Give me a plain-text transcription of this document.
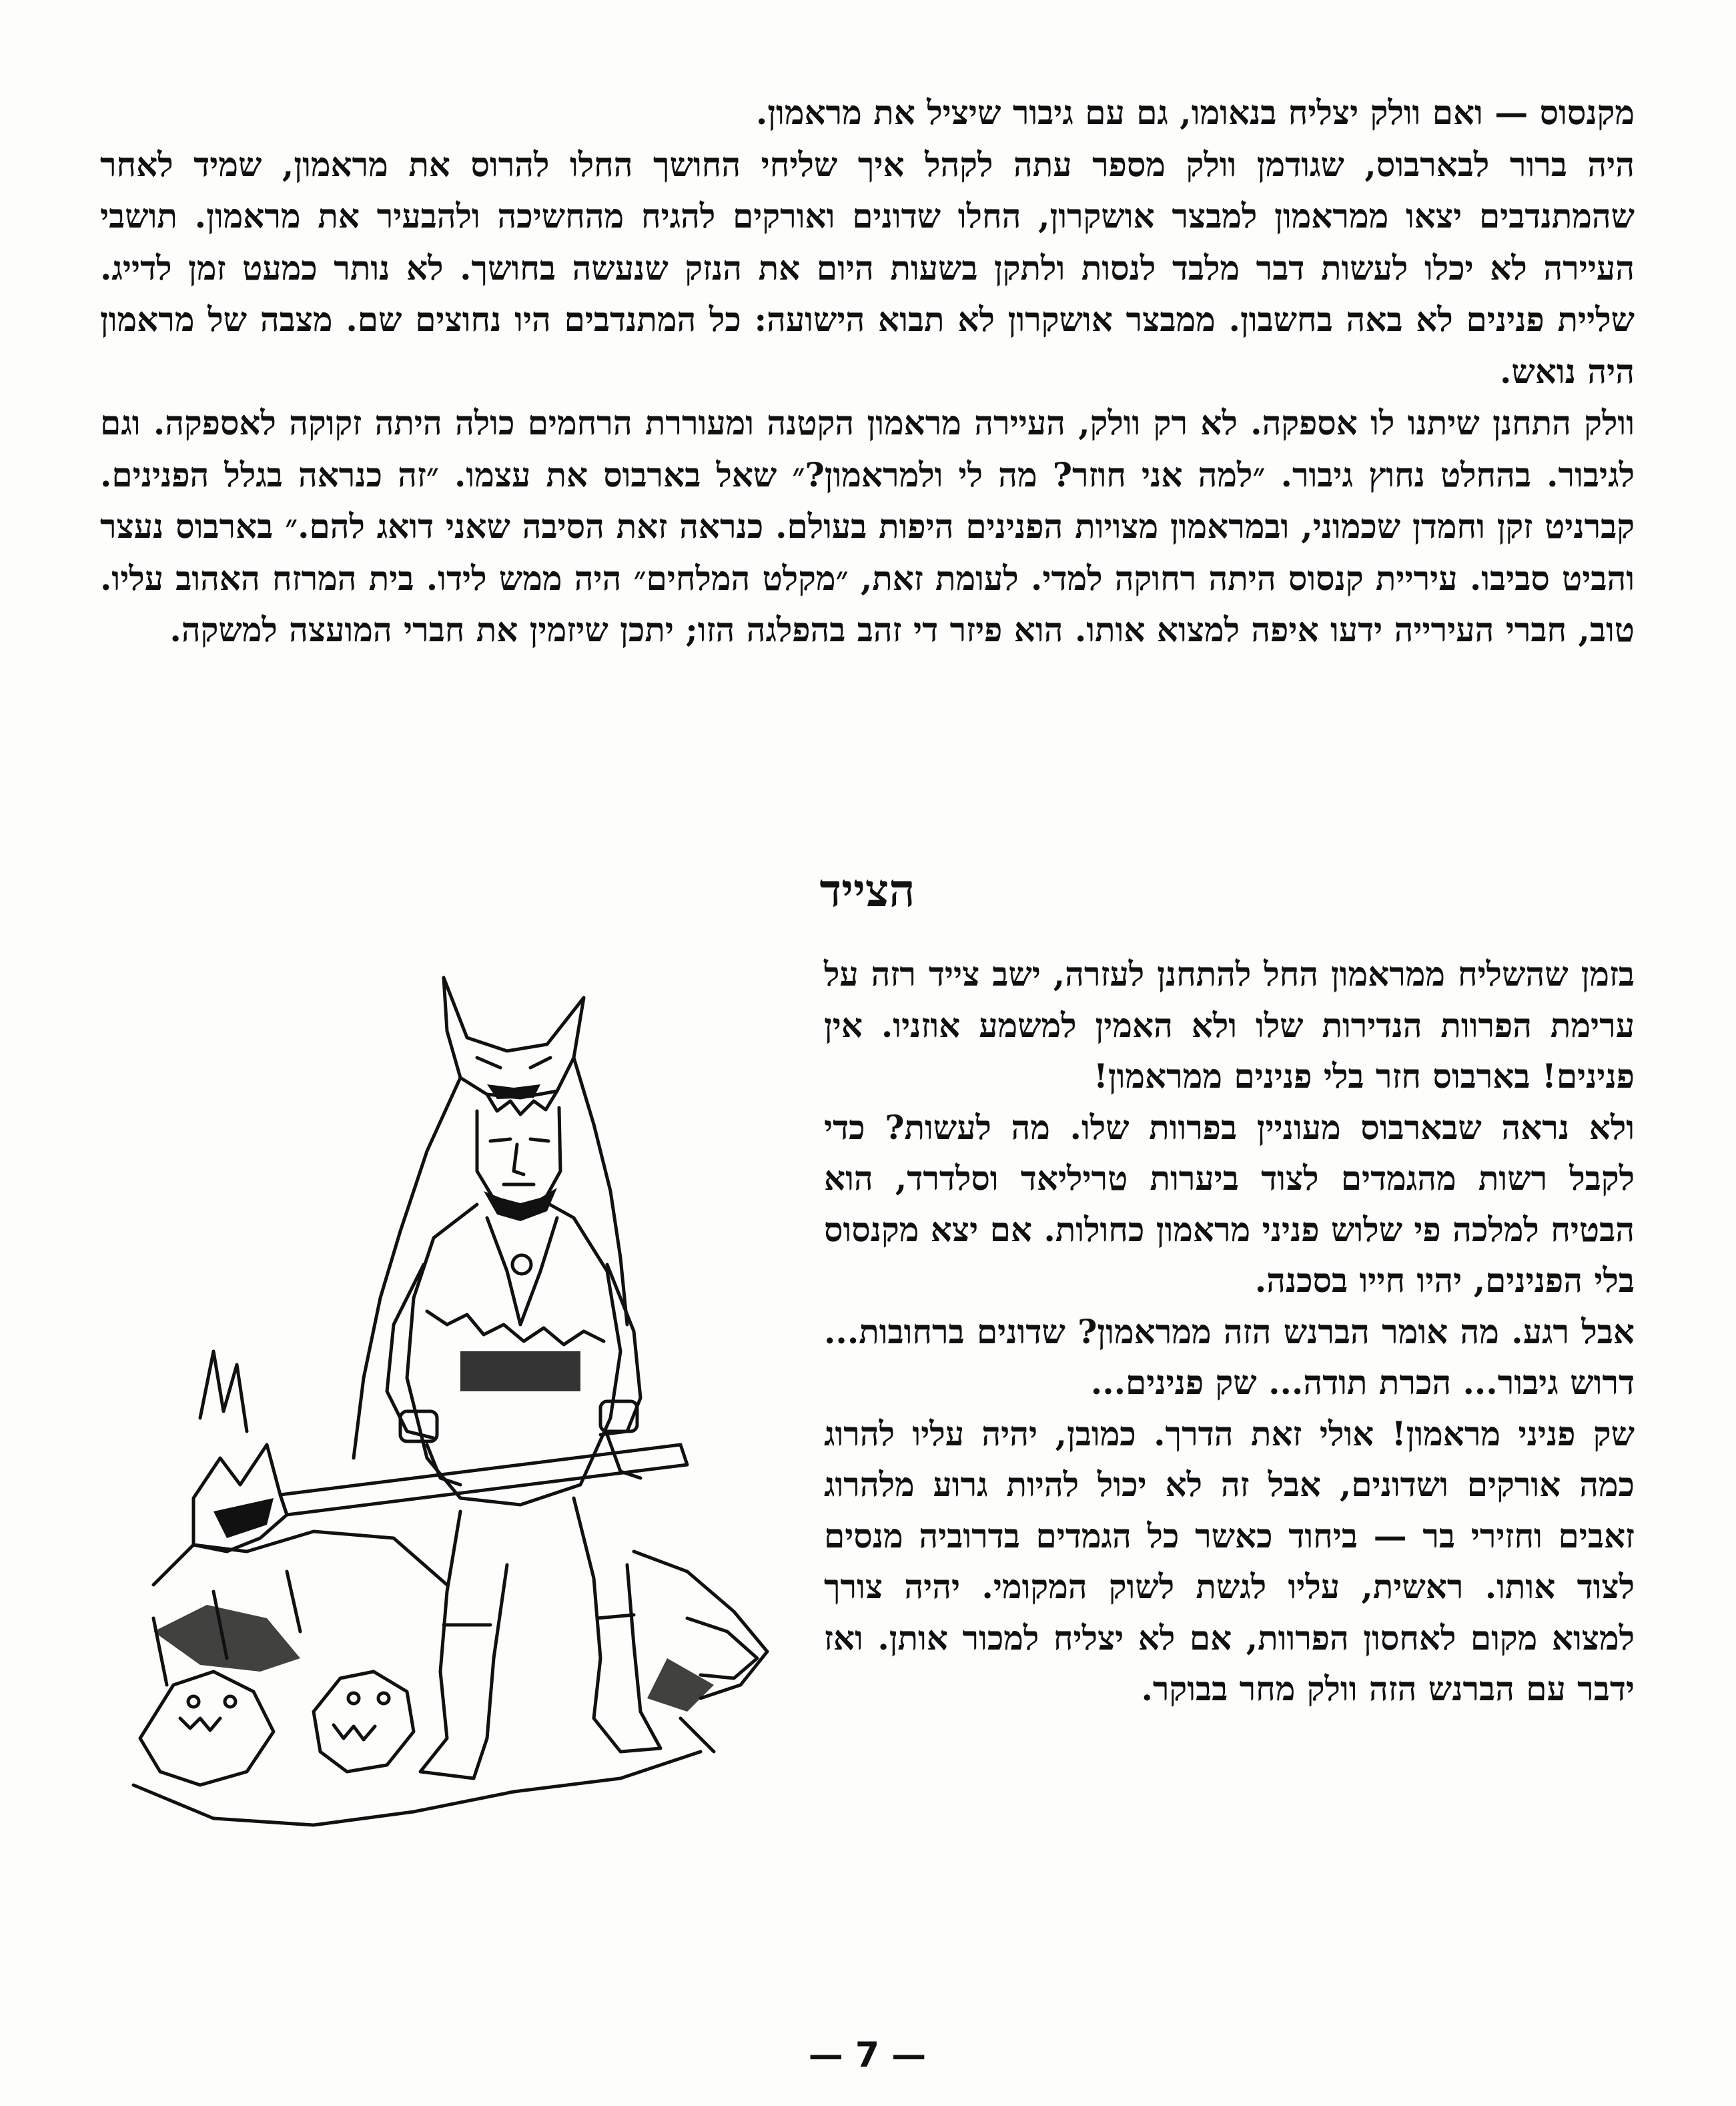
מקנסוס — ואם וולק יצליח בנאומו, גם עם גיבור שיציל את מראמון.

היה ברור לבארבוס, שגודמן וולק מספר עתה לקהל איך שליחי החושך החלו להרוס את מראמון, שמיד לאחר שהמתנדבים יצאו ממראמון למבצר אושקרון, החלו שדונים ואורקים להגיח מהחשיכה ולהבעיר את מראמון. תושבי העיירה לא יכלו לעשות דבר מלבד לנסות ולתקן בשעות היום את הנזק שנעשה בחושך. לא נותר כמעט זמן לדייג. שליית פנינים לא באה בחשבון. ממבצר אושקרון לא תבוא הישועה: כל המתנדבים היו נחוצים שם. מצבה של מראמון היה נואש.

וולק התחנן שיתנו לו אספקה. לא רק וולק, העיירה מראמון הקטנה ומעוררת הרחמים כולה היתה זקוקה לאספקה. וגם לגיבור. בהחלט נחוץ גיבור. ״למה אני חוזר? מה לי ולמראמון?״ שאל בארבוס את עצמו. ״זה כנראה בגלל הפנינים. קברניט זקן וחמדן שכמוני, ובמראמון מצויות הפנינים היפות בעולם. כנראה זאת הסיבה שאני דואג להם.״ בארבוס נעצר והביט סביבו. עיריית קנסוס היתה רחוקה למדי. לעומת זאת, ״מקלט המלחים״ היה ממש לידו. בית המרזח האהוב עליו. טוב, חברי העירייה ידעו איפה למצוא אותו. הוא פיזר די זהב בהפלגה הזו; יתכן שיזמין את חברי המועצה למשקה.

הצייד

בזמן שהשליח ממראמון החל להתחנן לעזרה, ישב צייד רזה על ערימת הפרוות הנדירות שלו ולא האמין למשמע אוזניו. אין פנינים! בארבוס חזר בלי פנינים ממראמון!

ולא נראה שבארבוס מעוניין בפרוות שלו. מה לעשות? כדי לקבל רשות מהגמדים לצוד ביערות טריליאד וסלדרד, הוא הבטיח למלכה פי שלוש פניני מראמון כחולות. אם יצא מקנסוס בלי הפנינים, יהיו חייו בסכנה.

אבל רגע. מה אומר הברנש הזה ממראמון? שדונים ברחובות... דרוש גיבור... הכרת תודה... שק פנינים...

שק פניני מראמון! אולי זאת הדרך. כמובן, יהיה עליו להרוג כמה אורקים ושדונים, אבל זה לא יכול להיות גרוע מלהרוג זאבים וחזירי בר — ביחוד כאשר כל הגמדים בדרוביה מנסים לצוד אותו. ראשית, עליו לגשת לשוק המקומי. יהיה צורך למצוא מקום לאחסון הפרוות, אם לא יצליח למכור אותן. ואז ידבר עם הברנש הזה וולק מחר בבוקר.

— 7 —
